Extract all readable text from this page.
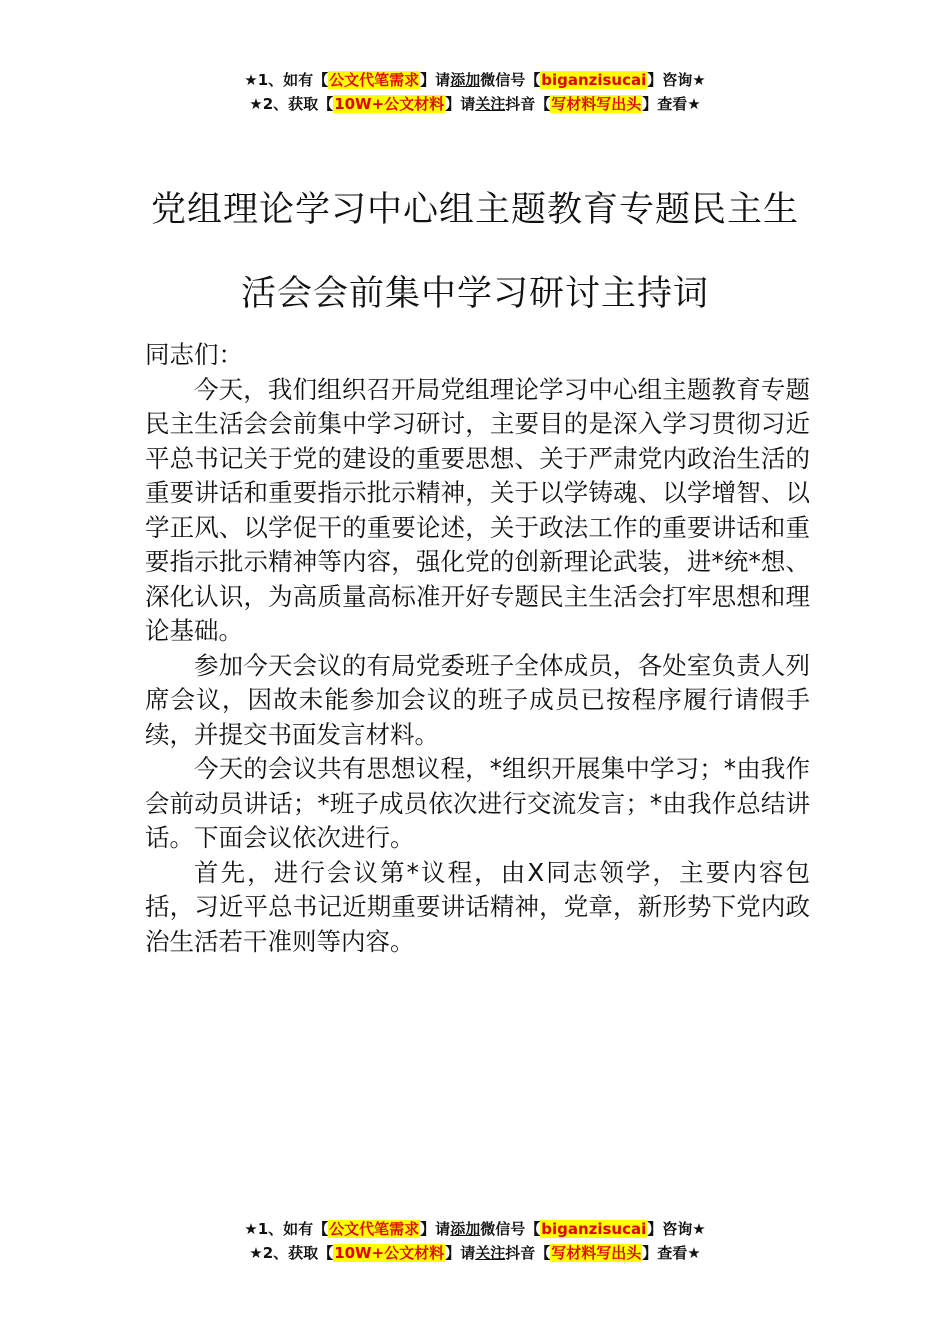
★1、如有【公文代笔需求】请添加微信号【biganzisucai】咨询★
★2、获取【10W+公文材料】请关注抖音【写材料写出头】查看★
党组理论学习中心组主题教育专题民主生
活会会前集中学习研讨主持词

同志们：

今天，我们组织召开局党组理论学习中心组主题教育专题民主生活会会前集中学习研讨，主要目的是深入学习贯彻习近平总书记关于党的建设的重要思想、关于严肃党内政治生活的重要讲话和重要指示批示精神，关于以学铸魂、以学增智、以学正风、以学促干的重要论述，关于政法工作的重要讲话和重要指示批示精神等内容，强化党的创新理论武装，进*统*想、深化认识，为高质量高标准开好专题民主生活会打牢思想和理论基础。

参加今天会议的有局党委班子全体成员，各处室负责人列席会议，因故未能参加会议的班子成员已按程序履行请假手续，并提交书面发言材料。

今天的会议共有思想议程，*组织开展集中学习；*由我作会前动员讲话；*班子成员依次进行交流发言；*由我作总结讲话。下面会议依次进行。

首先，进行会议第*议程，由X同志领学，主要内容包括，习近平总书记近期重要讲话精神，党章，新形势下党内政治生活若干准则等内容。

★1、如有【公文代笔需求】请添加微信号【biganzisucai】咨询★
★2、获取【10W+公文材料】请关注抖音【写材料写出头】查看★
